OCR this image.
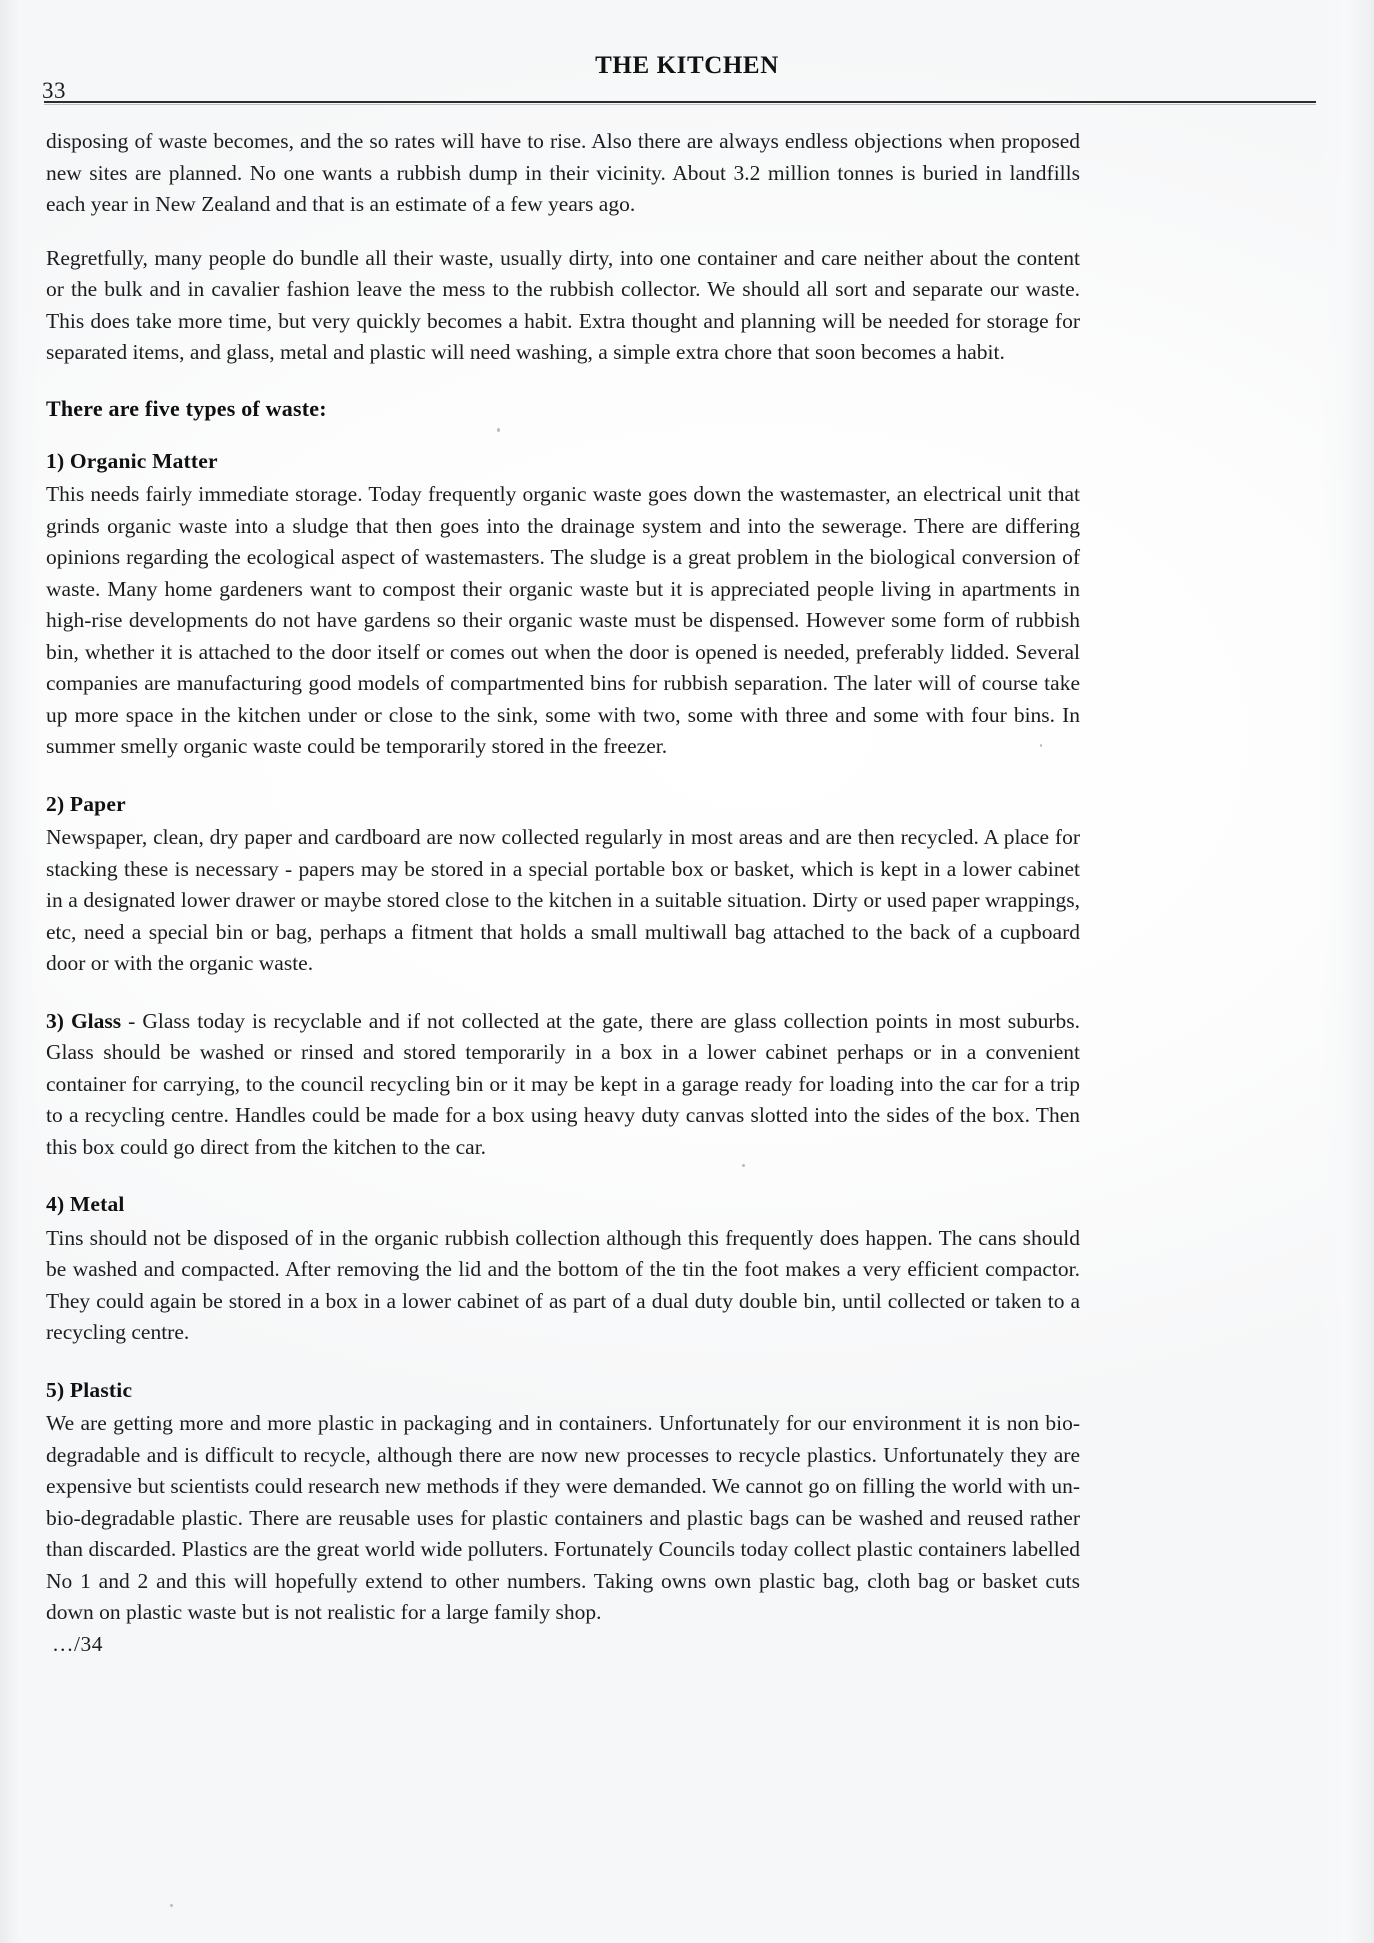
THE KITCHEN
33

disposing of waste becomes, and the so rates will have to rise. Also there are always endless objections when proposed new sites are planned. No one wants a rubbish dump in their vicinity. About 3.2 million tonnes is buried in landfills each year in New Zealand and that is an estimate of a few years ago.

Regretfully, many people do bundle all their waste, usually dirty, into one container and care neither about the content or the bulk and in cavalier fashion leave the mess to the rubbish collector. We should all sort and separate our waste. This does take more time, but very quickly becomes a habit. Extra thought and planning will be needed for storage for separated items, and glass, metal and plastic will need washing, a simple extra chore that soon becomes a habit.

There are five types of waste:
1) Organic Matter

This needs fairly immediate storage. Today frequently organic waste goes down the wastemaster, an electrical unit that grinds organic waste into a sludge that then goes into the drainage system and into the sewerage. There are differing opinions regarding the ecological aspect of wastemasters. The sludge is a great problem in the biological conversion of waste. Many home gardeners want to compost their organic waste but it is appreciated people living in apartments in high-rise developments do not have gardens so their organic waste must be dispensed. However some form of rubbish bin, whether it is attached to the door itself or comes out when the door is opened is needed, preferably lidded. Several companies are manufacturing good models of compartmented bins for rubbish separation. The later will of course take up more space in the kitchen under or close to the sink, some with two, some with three and some with four bins. In summer smelly organic waste could be temporarily stored in the freezer.

2) Paper

Newspaper, clean, dry paper and cardboard are now collected regularly in most areas and are then recycled. A place for stacking these is necessary - papers may be stored in a special portable box or basket, which is kept in a lower cabinet in a designated lower drawer or maybe stored close to the kitchen in a suitable situation. Dirty or used paper wrappings, etc, need a special bin or bag, perhaps a fitment that holds a small multiwall bag attached to the back of a cupboard door or with the organic waste.

3) Glass - Glass today is recyclable and if not collected at the gate, there are glass collection points in most suburbs. Glass should be washed or rinsed and stored temporarily in a box in a lower cabinet perhaps or in a convenient container for carrying, to the council recycling bin or it may be kept in a garage ready for loading into the car for a trip to a recycling centre. Handles could be made for a box using heavy duty canvas slotted into the sides of the box. Then this box could go direct from the kitchen to the car.

4) Metal

Tins should not be disposed of in the organic rubbish collection although this frequently does happen. The cans should be washed and compacted. After removing the lid and the bottom of the tin the foot makes a very efficient compactor. They could again be stored in a box in a lower cabinet of as part of a dual duty double bin, until collected or taken to a recycling centre.

5) Plastic

We are getting more and more plastic in packaging and in containers. Unfortunately for our environment it is non bio-degradable and is difficult to recycle, although there are now new processes to recycle plastics. Unfortunately they are expensive but scientists could research new methods if they were demanded. We cannot go on filling the world with un-bio-degradable plastic. There are reusable uses for plastic containers and plastic bags can be washed and reused rather than discarded. Plastics are the great world wide polluters. Fortunately Councils today collect plastic containers labelled No 1 and 2 and this will hopefully extend to other numbers. Taking owns own plastic bag, cloth bag or basket cuts down on plastic waste but is not realistic for a large family shop.

…/34
